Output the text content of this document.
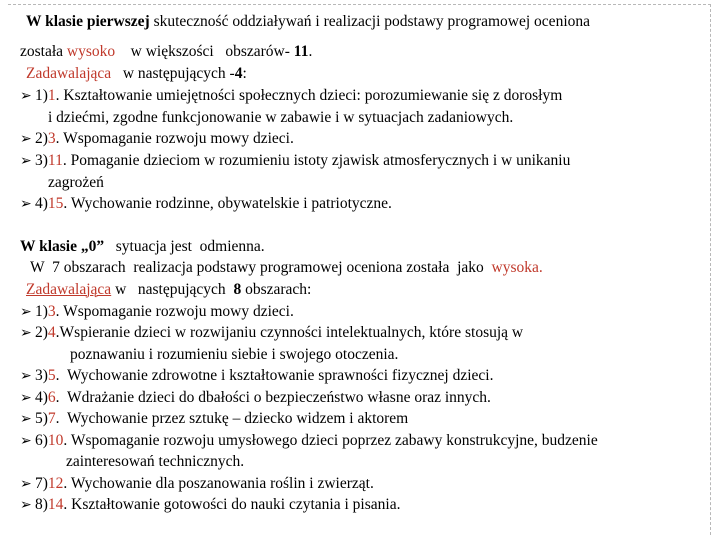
W klasie pierwszej skuteczność oddziaływań i realizacji podstawy programowej oceniona
została wysoko    w większości   obszarów- 11.
Zadawalająca   w następujących -4:
➢ 1)1. Kształtowanie umiejętności społecznych dzieci: porozumiewanie się z dorosłym
i dziećmi, zgodne funkcjonowanie w zabawie i w sytuacjach zadaniowych.
➢ 2)3. Wspomaganie rozwoju mowy dzieci.
➢ 3)11. Pomaganie dzieciom w rozumieniu istoty zjawisk atmosferycznych i w unikaniu
zagrożeń
➢ 4)15. Wychowanie rodzinne, obywatelskie i patriotyczne.
W klasie „0”   sytuacja jest  odmienna.
W  7 obszarach  realizacja podstawy programowej oceniona została  jako  wysoka.
Zadawalająca w   następujących  8 obszarach:
➢ 1)3. Wspomaganie rozwoju mowy dzieci.
➢ 2)4.Wspieranie dzieci w rozwijaniu czynności intelektualnych, które stosują w
poznawaniu i rozumieniu siebie i swojego otoczenia.
➢ 3)5.  Wychowanie zdrowotne i kształtowanie sprawności fizycznej dzieci.
➢ 4)6.  Wdrażanie dzieci do dbałości o bezpieczeństwo własne oraz innych.
➢ 5)7.  Wychowanie przez sztukę – dziecko widzem i aktorem
➢ 6)10. Wspomaganie rozwoju umysłowego dzieci poprzez zabawy konstrukcyjne, budzenie
zainteresowań technicznych.
➢ 7)12. Wychowanie dla poszanowania roślin i zwierząt.
➢ 8)14. Kształtowanie gotowości do nauki czytania i pisania.
